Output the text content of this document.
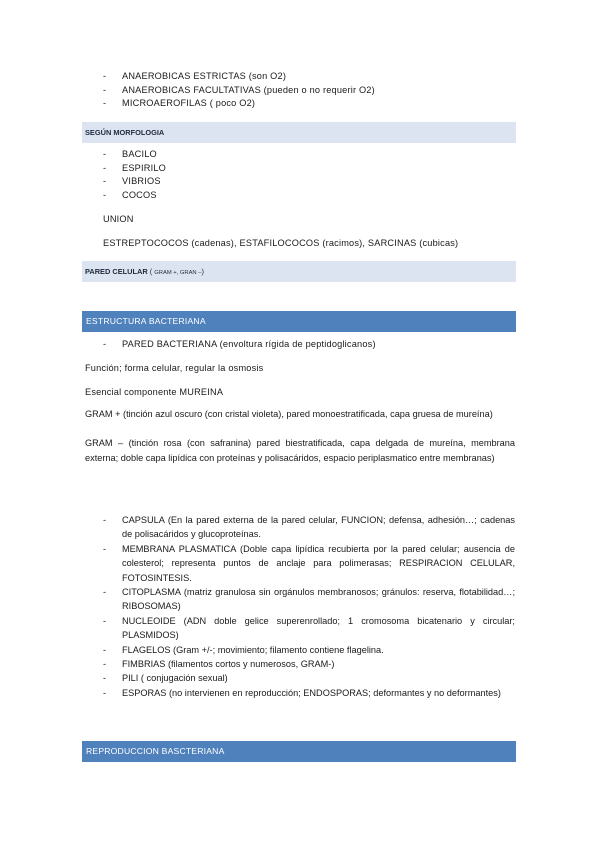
- ANAEROBICAS ESTRICTAS (son O2)
- ANAEROBICAS FACULTATIVAS (pueden o no requerir O2)
- MICROAEROFILAS ( poco O2)
SEGÚN MORFOLOGIA
- BACILO
- ESPIRILO
- VIBRIOS
- COCOS
UNION
ESTREPTOCOCOS (cadenas), ESTAFILOCOCOS (racimos), SARCINAS (cubicas)
PARED CELULAR ( GRAM +, GRAN –)
ESTRUCTURA BACTERIANA
- PARED BACTERIANA (envoltura rígida de peptidoglicanos)
Función; forma celular, regular la osmosis
Esencial componente MUREINA
GRAM + (tinción azul oscuro (con cristal violeta), pared monoestratificada, capa gruesa de mureína)
GRAM – (tinción rosa (con safranina) pared biestratificada, capa delgada de mureína, membrana externa; doble capa lipídica con proteínas y polisacáridos, espacio periplasmatico entre membranas)
- CAPSULA (En la pared externa de la pared celular, FUNCION; defensa, adhesión…; cadenas de polisacáridos y glucoproteínas.
- MEMBRANA PLASMATICA (Doble capa lipídica recubierta por la pared celular; ausencia de colesterol; representa puntos de anclaje para polimerasas; RESPIRACION CELULAR, FOTOSINTESIS.
- CITOPLASMA (matriz granulosa sin orgánulos membranosos; gránulos: reserva, flotabilidad…; RIBOSOMAS)
- NUCLEOIDE (ADN doble gelice superenrollado; 1 cromosoma bicatenario y circular; PLASMIDOS)
- FLAGELOS (Gram +/-; movimiento; filamento contiene flagelina.
- FIMBRIAS (filamentos cortos y numerosos, GRAM-)
- PILI ( conjugación sexual)
- ESPORAS (no intervienen en reproducción; ENDOSPORAS; deformantes y no deformantes)
REPRODUCCION BASCTERIANA
